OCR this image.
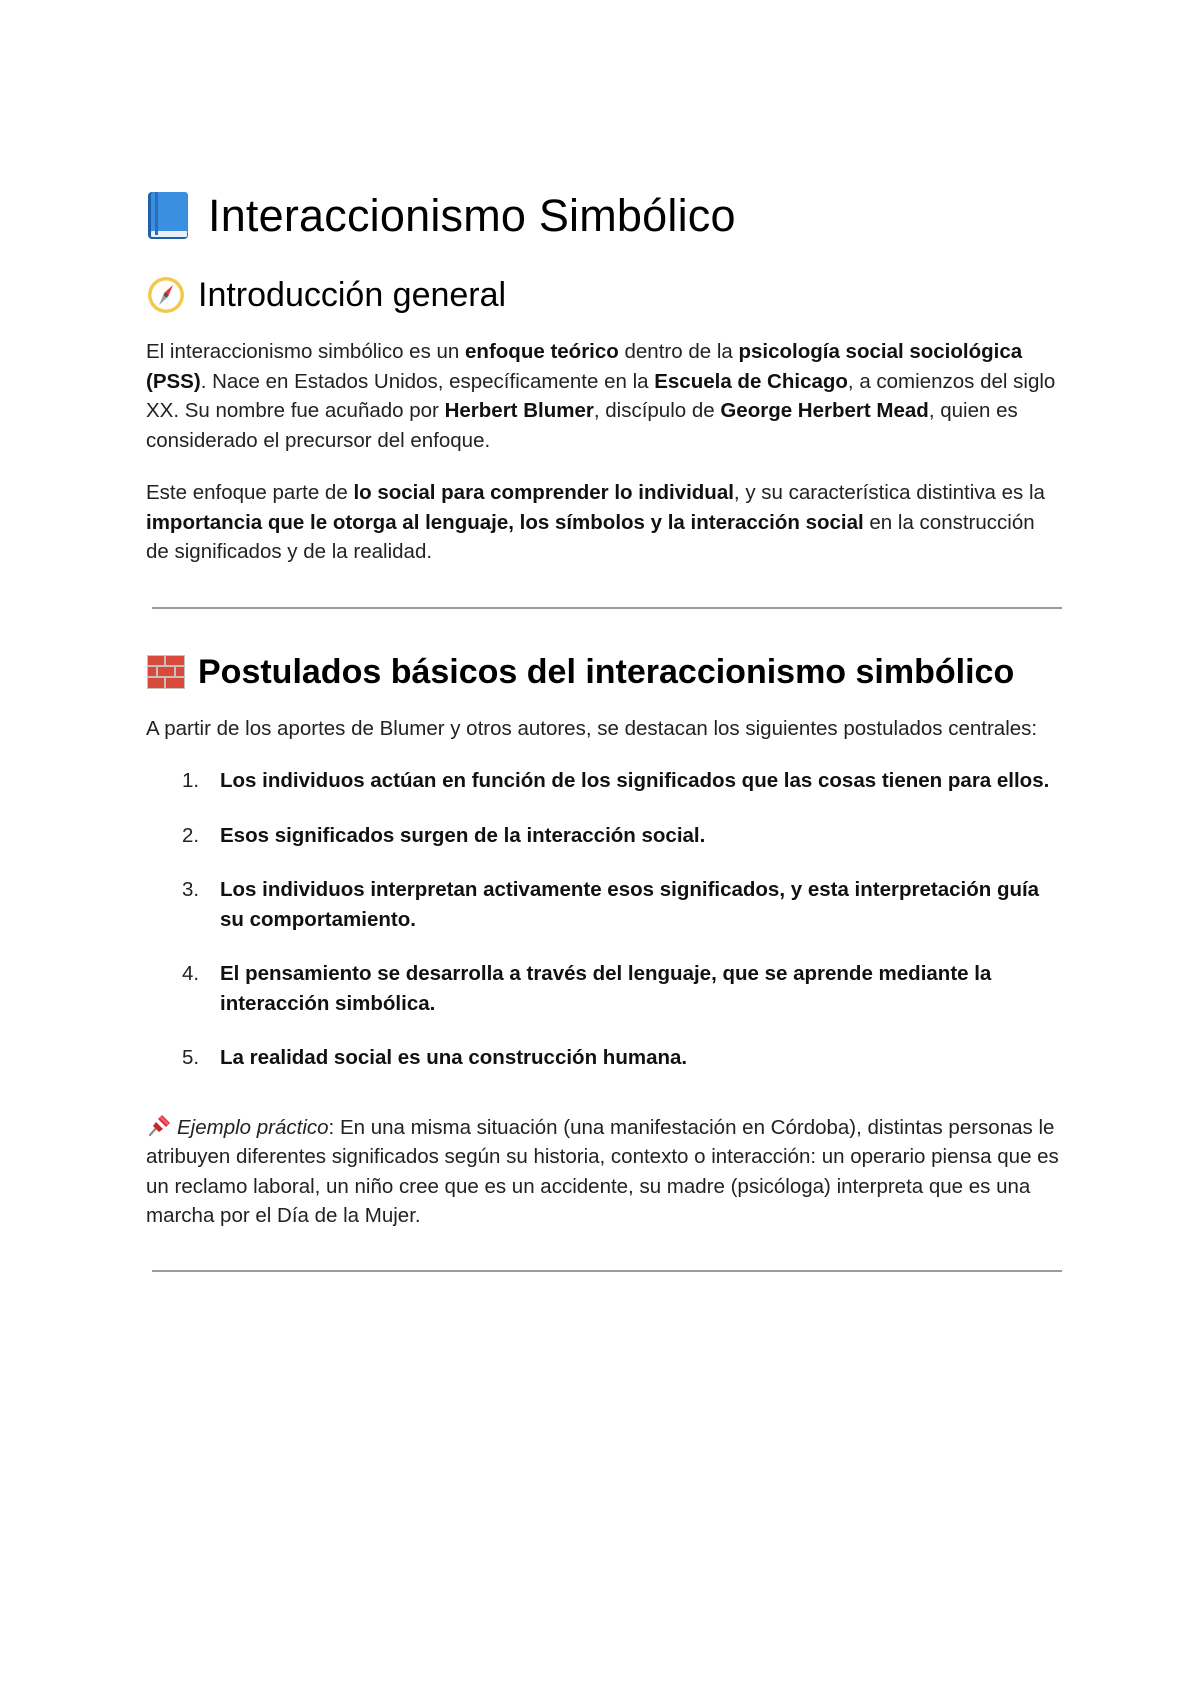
Interaccionismo Simbólico
Introducción general

El interaccionismo simbólico es un enfoque teórico dentro de la psicología social sociológica (PSS). Nace en Estados Unidos, específicamente en la Escuela de Chicago, a comienzos del siglo XX. Su nombre fue acuñado por Herbert Blumer, discípulo de George Herbert Mead, quien es considerado el precursor del enfoque.

Este enfoque parte de lo social para comprender lo individual, y su característica distintiva es la importancia que le otorga al lenguaje, los símbolos y la interacción social en la construcción de significados y de la realidad.

Postulados básicos del interaccionismo simbólico

A partir de los aportes de Blumer y otros autores, se destacan los siguientes postulados centrales:

1. Los individuos actúan en función de los significados que las cosas tienen para ellos.
2. Esos significados surgen de la interacción social.
3. Los individuos interpretan activamente esos significados, y esta interpretación guía su comportamiento.
4. El pensamiento se desarrolla a través del lenguaje, que se aprende mediante la interacción simbólica.
5. La realidad social es una construcción humana.

Ejemplo práctico: En una misma situación (una manifestación en Córdoba), distintas personas le atribuyen diferentes significados según su historia, contexto o interacción: un operario piensa que es un reclamo laboral, un niño cree que es un accidente, su madre (psicóloga) interpreta que es una marcha por el Día de la Mujer.
